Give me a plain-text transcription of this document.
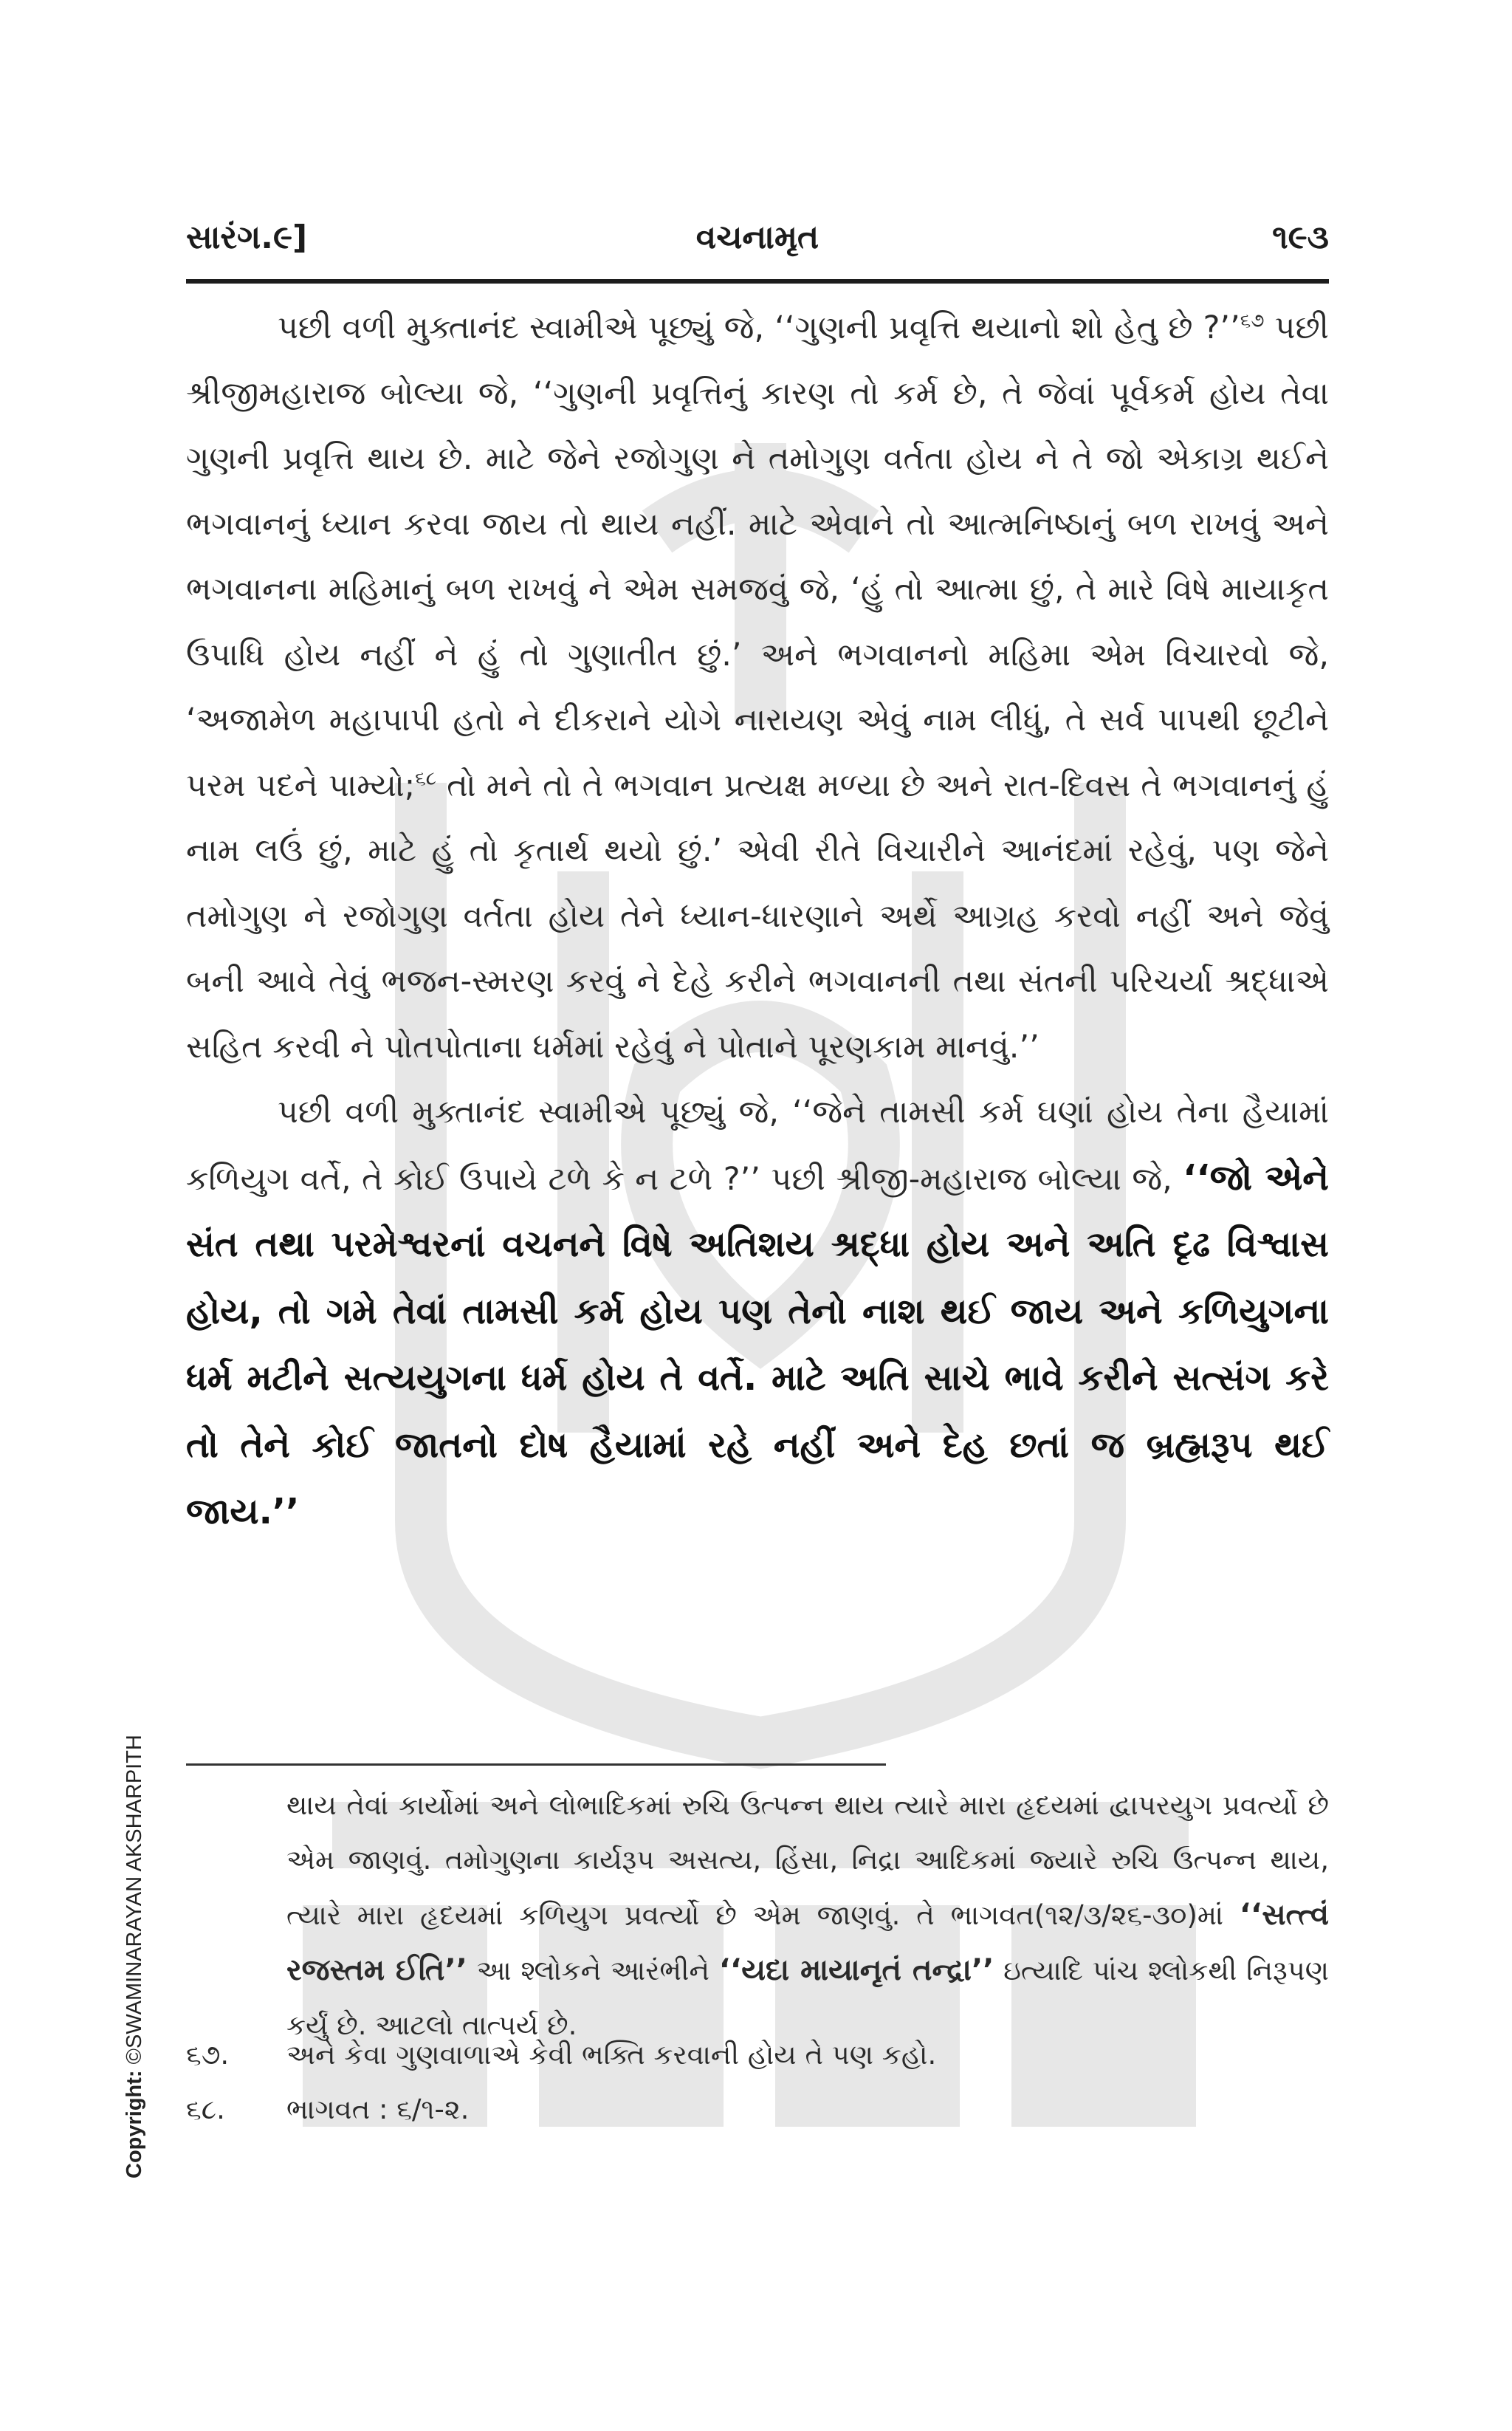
સારંગ.૯]	વચનામૃત	૧૯૩

પછી વળી મુક્તાનંદ સ્વામીએ પૂછ્યું જે, ‘‘ગુણની પ્રવૃત્તિ થયાનો શો હેતુ છે ?’’$^{૬૭}$ પછી શ્રીજીમહારાજ બોલ્યા જે, ‘‘ગુણની પ્રવૃત્તિનું કારણ તો કર્મ છે, તે જેવાં પૂર્વકર્મ હોય તેવા ગુણની પ્રવૃત્તિ થાય છે. માટે જેને રજોગુણ ને તમોગુણ વર્તતા હોય ને તે જો એકાગ્ર થઈને ભગવાનનું ધ્યાન કરવા જાય તો થાય નહીં. માટે એવાને તો આત્મનિષ્ઠાનું બળ રાખવું અને ભગવાનના મહિમાનું બળ રાખવું ને એમ સમજવું જે, ‘હું તો આત્મા છું, તે મારે વિષે માયાકૃત ઉપાધિ હોય નહીં ને હું તો ગુણાતીત છું.’ અને ભગવાનનો મહિમા એમ વિચારવો જે, ‘અજામેળ મહાપાપી હતો ને દીકરાને યોગે નારાયણ એવું નામ લીધું, તે સર્વ પાપથી છૂટીને પરમ પદને પામ્યો;$^{૬૮}$ તો મને તો તે ભગવાન પ્રત્યક્ષ મળ્યા છે અને રાત-દિવસ તે ભગવાનનું હું નામ લઉં છું, માટે હું તો કૃતાર્થ થયો છું.’ એવી રીતે વિચારીને આનંદમાં રહેવું, પણ જેને તમોગુણ ને રજોગુણ વર્તતા હોય તેને ધ્યાન-ધારણાને અર્થે આગ્રહ કરવો નહીં અને જેવું બની આવે તેવું ભજન-સ્મરણ કરવું ને દેહે કરીને ભગવાનની તથા સંતની પરિચર્યા શ્રદ્ધાએ સહિત કરવી ને પોતપોતાના ધર્મમાં રહેવું ને પોતાને પૂરણકામ માનવું.’’

પછી વળી મુક્તાનંદ સ્વામીએ પૂછ્યું જે, ‘‘જેને તામસી કર્મ ઘણાં હોય તેના હૈયામાં કળિયુગ વર્તે, તે કોઈ ઉપાયે ટળે કે ન ટળે ?’’ પછી શ્રીજી-મહારાજ બોલ્યા જે, ‘‘જો એને સંત તથા પરમેશ્વરનાં વચનને વિષે અતિશય શ્રદ્ધા હોય અને અતિ દૃઢ વિશ્વાસ હોય, તો ગમે તેવાં તામસી કર્મ હોય પણ તેનો નાશ થઈ જાય અને કળિયુગના ધર્મ મટીને સત્યયુગના ધર્મ હોય તે વર્તે. માટે અતિ સાચે ભાવે કરીને સત્સંગ કરે તો તેને કોઈ જાતનો દોષ હૈયામાં રહે નહીં અને દેહ છતાં જ બ્રહ્મરૂપ થઈ જાય.’’

થાય તેવાં કાર્યોમાં અને લોભાદિકમાં રુચિ ઉત્પન્ન થાય ત્યારે મારા હૃદયમાં દ્વાપરયુગ પ્રવર્ત્યો છે એમ જાણવું. તમોગુણના કાર્યરૂપ અસત્ય, હિંસા, નિદ્રા આદિકમાં જ્યારે રુચિ ઉત્પન્ન થાય, ત્યારે મારા હૃદયમાં કળિયુગ પ્રવર્ત્યો છે એમ જાણવું. તે ભાગવત(૧૨/૩/૨૬-૩૦)માં ‘‘સત્ત્વં રજસ્તમ ઈતિ’’ આ શ્લોકને આરંભીને ‘‘યદા માયાનૃતં તન્દ્રા’’ ઇત્યાદિ પાંચ શ્લોકથી નિરૂપણ કર્યું છે. આટલો તાત્પર્ય છે.

૬૭. અને કેવા ગુણવાળાએ કેવી ભક્તિ કરવાની હોય તે પણ કહો.

૬૮. ભાગવત : ૬/૧-૨.

Copyright: ©SWAMINARAYAN AKSHARPITH
